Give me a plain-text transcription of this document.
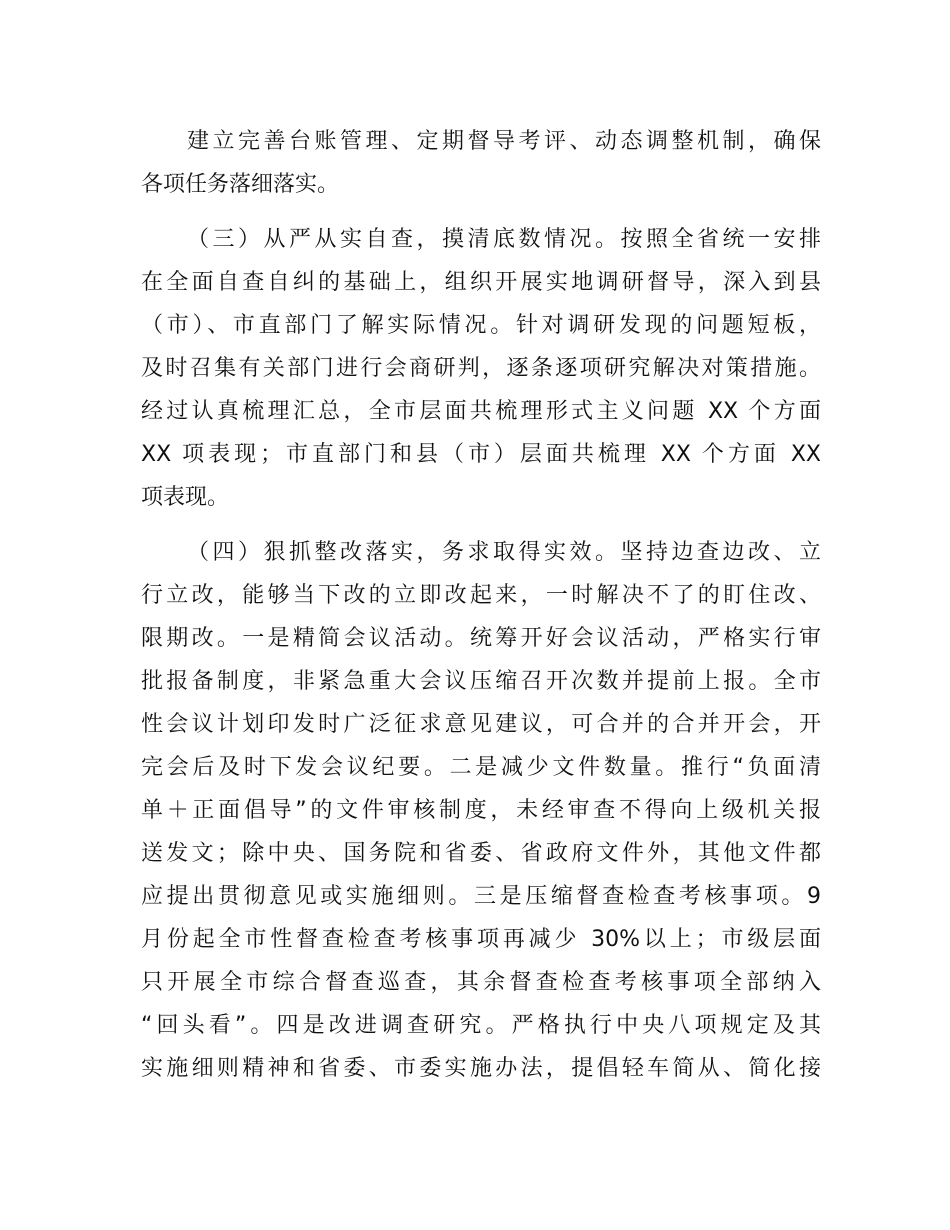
建立完善台账管理、定期督导考评、动态调整机制，确保
各项任务落细落实。
（三）从严从实自查，摸清底数情况。按照全省统一安排
在全面自查自纠的基础上，组织开展实地调研督导，深入到县
（市）、市直部门了解实际情况。针对调研发现的问题短板，
及时召集有关部门进行会商研判，逐条逐项研究解决对策措施。
经过认真梳理汇总，全市层面共梳理形式主义问题 XX 个方面
XX 项表现；市直部门和县（市）层面共梳理 XX 个方面 XX
项表现。
（四）狠抓整改落实，务求取得实效。坚持边查边改、立
行立改，能够当下改的立即改起来，一时解决不了的盯住改、
限期改。一是精简会议活动。统筹开好会议活动，严格实行审
批报备制度，非紧急重大会议压缩召开次数并提前上报。全市
性会议计划印发时广泛征求意见建议，可合并的合并开会，开
完会后及时下发会议纪要。二是减少文件数量。推行“负面清
单＋正面倡导”的文件审核制度，未经审查不得向上级机关报
送发文；除中央、国务院和省委、省政府文件外，其他文件都
应提出贯彻意见或实施细则。三是压缩督查检查考核事项。9
月份起全市性督查检查考核事项再减少 30%以上；市级层面
只开展全市综合督查巡查，其余督查检查考核事项全部纳入
“回头看”。四是改进调查研究。严格执行中央八项规定及其
实施细则精神和省委、市委实施办法，提倡轻车简从、简化接
